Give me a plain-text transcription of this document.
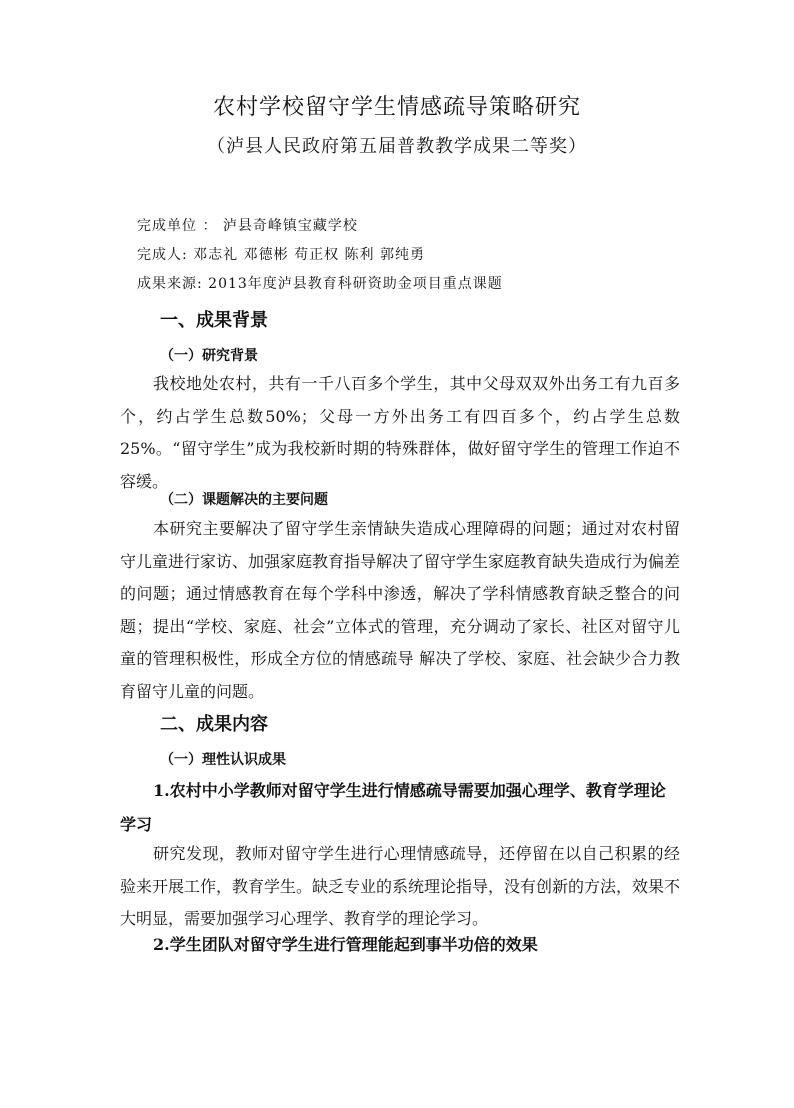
农村学校留守学生情感疏导策略研究
（泸县人民政府第五届普教教学成果二等奖）
完成单位 ： 泸县奇峰镇宝藏学校
完成人: 邓志礼 邓德彬 苟正权 陈利 郭纯勇
成果来源: 2013年度泸县教育科研资助金项目重点课题
一、成果背景
（一）研究背景
我校地处农村，共有一千八百多个学生，其中父母双双外出务工有九百多个，约占学生总数50%；父母一方外出务工有四百多个，约占学生总数25%。“留守学生”成为我校新时期的特殊群体，做好留守学生的管理工作迫不容缓。
（二）课题解决的主要问题
本研究主要解决了留守学生亲情缺失造成心理障碍的问题；通过对农村留守儿童进行家访、加强家庭教育指导解决了留守学生家庭教育缺失造成行为偏差的问题；通过情感教育在每个学科中渗透，解决了学科情感教育缺乏整合的问题；提出“学校、家庭、社会”立体式的管理，充分调动了家长、社区对留守儿童的管理积极性，形成全方位的情感疏导 解决了学校、家庭、社会缺少合力教育留守儿童的问题。
二、成果内容
（一）理性认识成果
1.农村中小学教师对留守学生进行情感疏导需要加强心理学、教育学理论学习
研究发现，教师对留守学生进行心理情感疏导，还停留在以自己积累的经验来开展工作，教育学生。缺乏专业的系统理论指导，没有创新的方法，效果不大明显，需要加强学习心理学、教育学的理论学习。
2.学生团队对留守学生进行管理能起到事半功倍的效果
